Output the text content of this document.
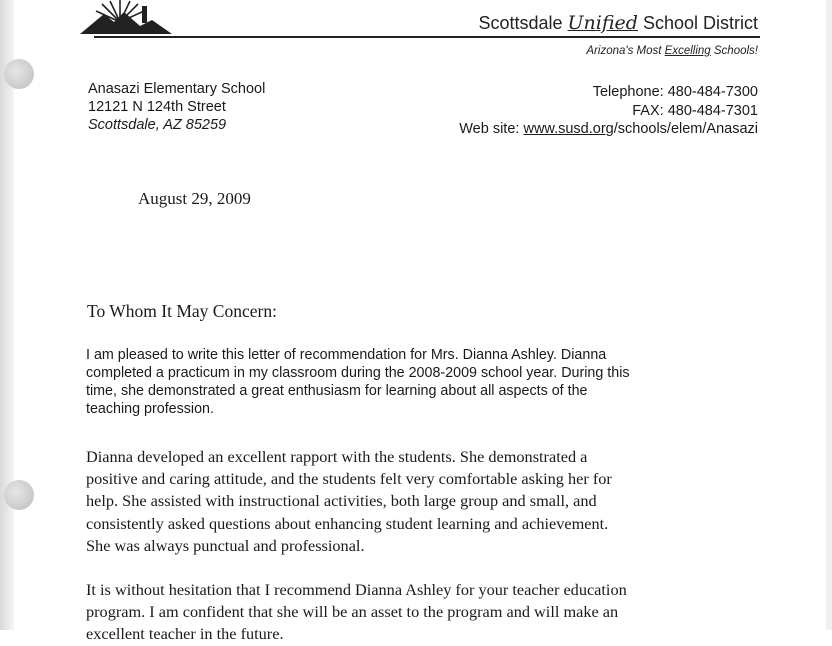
Scottsdale Unified School District
Arizona's Most Excelling Schools!
Anasazi Elementary School
12121 N 124th Street
Scottsdale, AZ 85259
Telephone: 480-484-7300
FAX: 480-484-7301
Web site: www.susd.org/schools/elem/Anasazi
August 29, 2009
To Whom It May Concern:
I am pleased to write this letter of recommendation for Mrs. Dianna Ashley. Dianna
completed a practicum in my classroom during the 2008-2009 school year. During this
time, she demonstrated a great enthusiasm for learning about all aspects of the
teaching profession.
Dianna developed an excellent rapport with the students. She demonstrated a
positive and caring attitude, and the students felt very comfortable asking her for
help. She assisted with instructional activities, both large group and small, and
consistently asked questions about enhancing student learning and achievement.
She was always punctual and professional.
It is without hesitation that I recommend Dianna Ashley for your teacher education
program. I am confident that she will be an asset to the program and will make an
excellent teacher in the future.
